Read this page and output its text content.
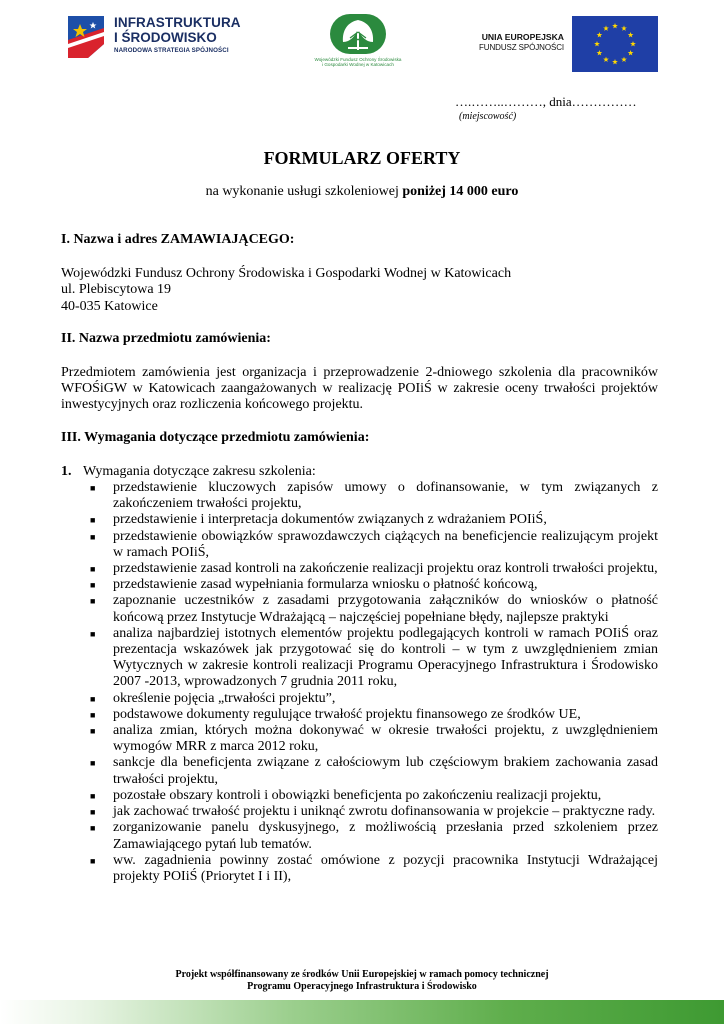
INFRASTRUKTURA
I ŚRODOWISKO
NARODOWA STRATEGIA SPÓJNOŚCI
Wojewódzki Fundusz Ochrony Środowiska
i Gospodarki Wodnej w Katowicach
UNIA EUROPEJSKA
FUNDUSZ SPÓJNOŚCI
….……..………, dnia……………
(miejscowość)
FORMULARZ OFERTY
na wykonanie usługi szkoleniowej poniżej 14 000 euro

I. Nazwa i adres ZAMAWIAJĄCEGO:

Wojewódzki Fundusz Ochrony Środowiska i Gospodarki Wodnej w Katowicach

ul. Plebiscytowa 19

40-035 Katowice

II. Nazwa przedmiotu zamówienia:

Przedmiotem zamówienia jest organizacja i przeprowadzenie 2-dniowego szkolenia dla pracowników WFOŚiGW w Katowicach zaangażowanych w realizację POIiŚ w zakresie oceny trwałości projektów inwestycyjnych oraz rozliczenia końcowego projektu.

III. Wymagania dotyczące przedmiotu zamówienia:

1. Wymagania dotyczące zakresu szkolenia:

■	przedstawienie kluczowych zapisów umowy o dofinansowanie, w tym związanych z zakończeniem trwałości projektu,
■	przedstawienie i interpretacja dokumentów związanych z wdrażaniem POIiŚ,
■	przedstawienie obowiązków sprawozdawczych ciążących na beneficjencie realizującym projekt w ramach POIiŚ,
■	przedstawienie zasad kontroli na zakończenie realizacji projektu oraz kontroli trwałości projektu,
■	przedstawienie zasad wypełniania formularza wniosku o płatność końcową,
■	zapoznanie uczestników z zasadami przygotowania załączników do wniosków o płatność końcową przez Instytucje Wdrażającą – najczęściej popełniane błędy, najlepsze praktyki
■	analiza najbardziej istotnych elementów projektu podlegających kontroli w ramach POIiŚ oraz prezentacja wskazówek jak przygotować się do kontroli – w tym z uwzględnieniem zmian Wytycznych w zakresie kontroli realizacji Programu Operacyjnego Infrastruktura i Środowisko 2007 -2013, wprowadzonych 7 grudnia 2011 roku,
■	określenie pojęcia „trwałości projektu”,
■	podstawowe dokumenty regulujące trwałość projektu finansowego ze środków UE,
■	analiza zmian, których można dokonywać w okresie trwałości projektu, z uwzględnieniem wymogów MRR z marca 2012 roku,
■	sankcje dla beneficjenta związane z całościowym lub częściowym brakiem zachowania zasad trwałości projektu,
■	pozostałe obszary kontroli i obowiązki beneficjenta po zakończeniu realizacji projektu,
■	jak zachować trwałość projektu i uniknąć zwrotu dofinansowania w projekcie – praktyczne rady.
■	zorganizowanie panelu dyskusyjnego, z możliwością przesłania przed szkoleniem przez Zamawiającego pytań lub tematów.
■	ww. zagadnienia powinny zostać omówione z pozycji pracownika Instytucji Wdrażającej projekty POIiŚ (Priorytet I i II),
Projekt współfinansowany ze środków Unii Europejskiej w ramach pomocy technicznej
Programu Operacyjnego Infrastruktura i Środowisko
